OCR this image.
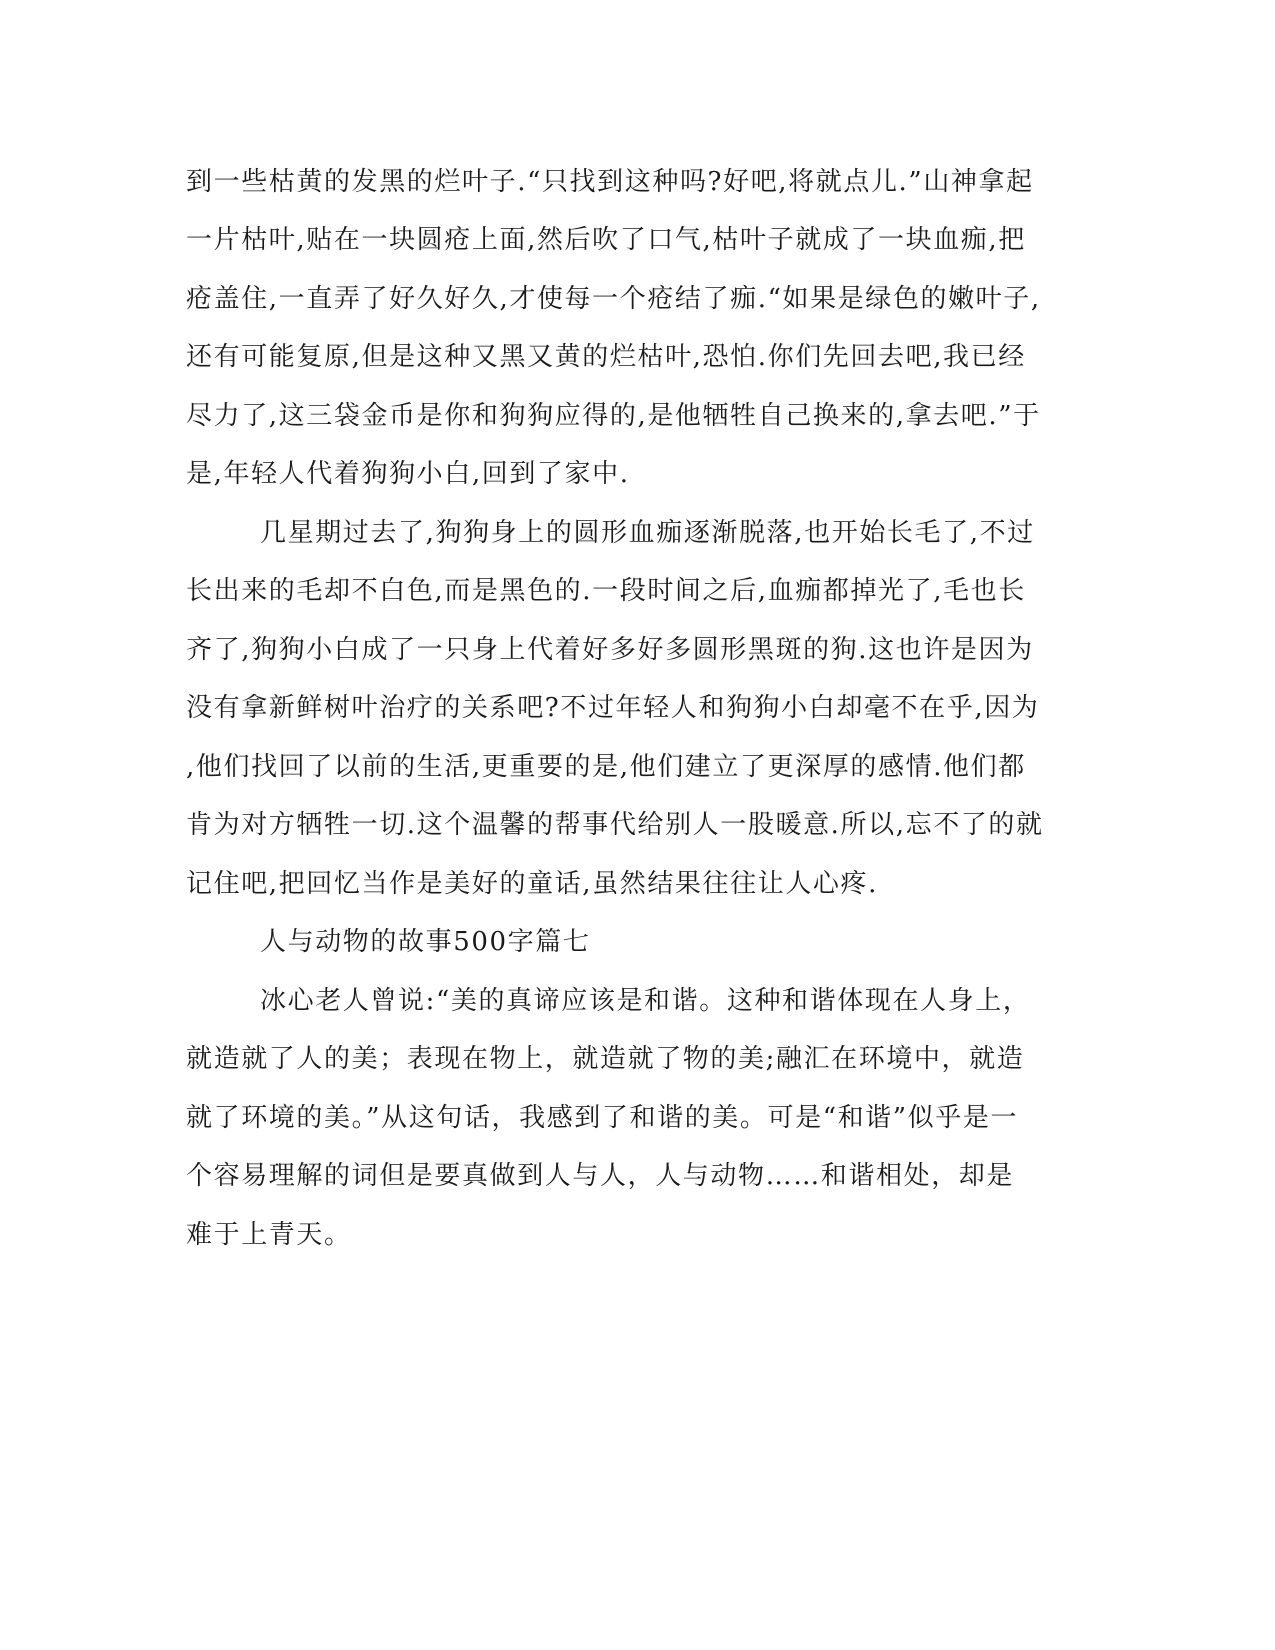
到一些枯黄的发黑的烂叶子.“只找到这种吗?好吧,将就点儿.”山神拿起
一片枯叶,贴在一块圆疮上面,然后吹了口气,枯叶子就成了一块血痂,把
疮盖住,一直弄了好久好久,才使每一个疮结了痂.“如果是绿色的嫩叶子,
还有可能复原,但是这种又黑又黄的烂枯叶,恐怕.你们先回去吧,我已经
尽力了,这三袋金币是你和狗狗应得的,是他牺牲自己换来的,拿去吧.”于
是,年轻人代着狗狗小白,回到了家中.
几星期过去了,狗狗身上的圆形血痂逐渐脱落,也开始长毛了,不过
长出来的毛却不白色,而是黑色的.一段时间之后,血痂都掉光了,毛也长
齐了,狗狗小白成了一只身上代着好多好多圆形黑斑的狗.这也许是因为
没有拿新鲜树叶治疗的关系吧?不过年轻人和狗狗小白却毫不在乎,因为
,他们找回了以前的生活,更重要的是,他们建立了更深厚的感情.他们都
肯为对方牺牲一切.这个温馨的帮事代给别人一股暖意.所以,忘不了的就
记住吧,把回忆当作是美好的童话,虽然结果往往让人心疼.
人与动物的故事500字篇七
冰心老人曾说:“美的真谛应该是和谐。这种和谐体现在人身上，
就造就了人的美；表现在物上，就造就了物的美;融汇在环境中，就造
就了环境的美。”从这句话，我感到了和谐的美。可是“和谐”似乎是一
个容易理解的词但是要真做到人与人，人与动物……和谐相处，却是
难于上青天。
